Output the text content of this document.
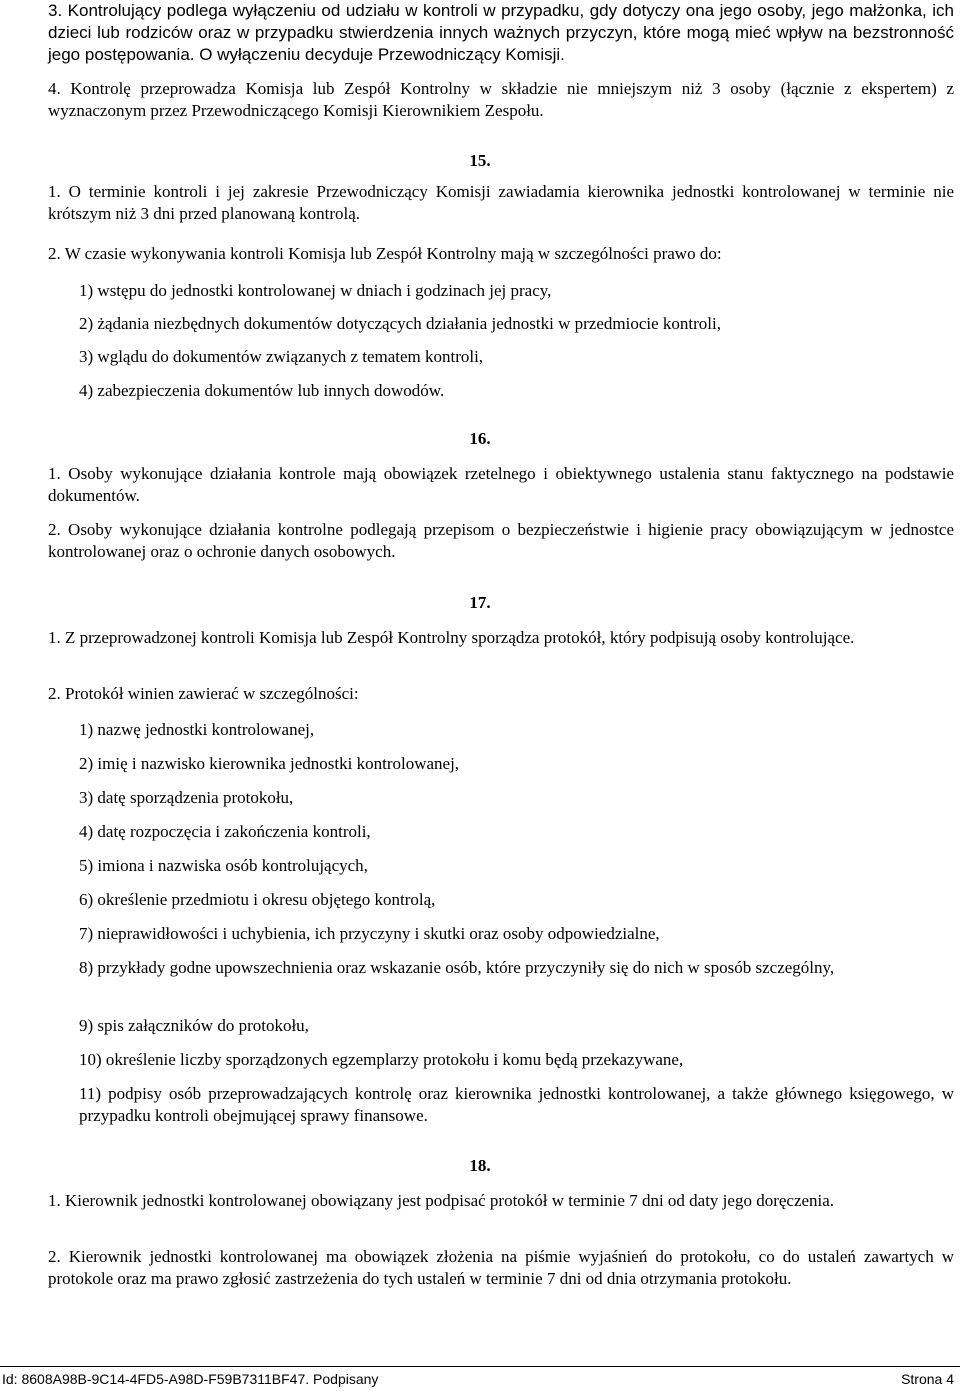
3. Kontrolujący podlega wyłączeniu od udziału w kontroli w przypadku, gdy dotyczy ona jego osoby, jego małżonka, ich dzieci lub rodziców oraz w przypadku stwierdzenia innych ważnych przyczyn, które mogą mieć wpływ na bezstronność jego postępowania. O wyłączeniu decyduje Przewodniczący Komisji.

4. Kontrolę przeprowadza Komisja lub Zespół Kontrolny w składzie nie mniejszym niż 3 osoby (łącznie z ekspertem) z wyznaczonym przez Przewodniczącego Komisji Kierownikiem Zespołu.

15.

1. O terminie kontroli i jej zakresie Przewodniczący Komisji zawiadamia kierownika jednostki kontrolowanej w terminie nie krótszym niż 3 dni przed planowaną kontrolą.

2. W czasie wykonywania kontroli Komisja lub Zespół Kontrolny mają w szczególności prawo do:

1) wstępu do jednostki kontrolowanej w dniach i godzinach jej pracy,

2) żądania niezbędnych dokumentów dotyczących działania jednostki w przedmiocie kontroli,

3) wglądu do dokumentów związanych z tematem kontroli,

4) zabezpieczenia dokumentów lub innych dowodów.

16.

1. Osoby wykonujące działania kontrole mają obowiązek rzetelnego i obiektywnego ustalenia stanu faktycznego na podstawie dokumentów.

2. Osoby wykonujące działania kontrolne podlegają przepisom o bezpieczeństwie i higienie pracy obowiązującym w jednostce kontrolowanej oraz o ochronie danych osobowych.

17.

1. Z przeprowadzonej kontroli Komisja lub Zespół Kontrolny sporządza protokół, który podpisują osoby kontrolujące.

2. Protokół winien zawierać w szczególności:

1) nazwę jednostki kontrolowanej,

2) imię i nazwisko kierownika jednostki kontrolowanej,

3) datę sporządzenia protokołu,

4) datę rozpoczęcia i zakończenia kontroli,

5) imiona i nazwiska osób kontrolujących,

6) określenie przedmiotu i okresu objętego kontrolą,

7) nieprawidłowości i uchybienia, ich przyczyny i skutki oraz osoby odpowiedzialne,

8) przykłady godne upowszechnienia oraz wskazanie osób, które przyczyniły się do nich w sposób szczególny,

9) spis załączników do protokołu,

10) określenie liczby sporządzonych egzemplarzy protokołu i komu będą przekazywane,

11) podpisy osób przeprowadzających kontrolę oraz kierownika jednostki kontrolowanej, a także głównego księgowego, w przypadku kontroli obejmującej sprawy finansowe.

18.

1. Kierownik jednostki kontrolowanej obowiązany jest podpisać protokół w terminie 7 dni od daty jego doręczenia.

2. Kierownik jednostki kontrolowanej ma obowiązek złożenia na piśmie wyjaśnień do protokołu, co do ustaleń zawartych w protokole oraz ma prawo zgłosić zastrzeżenia do tych ustaleń w terminie 7 dni od dnia otrzymania protokołu.

Id: 8608A98B-9C14-4FD5-A98D-F59B7311BF47. Podpisany	Strona 4
